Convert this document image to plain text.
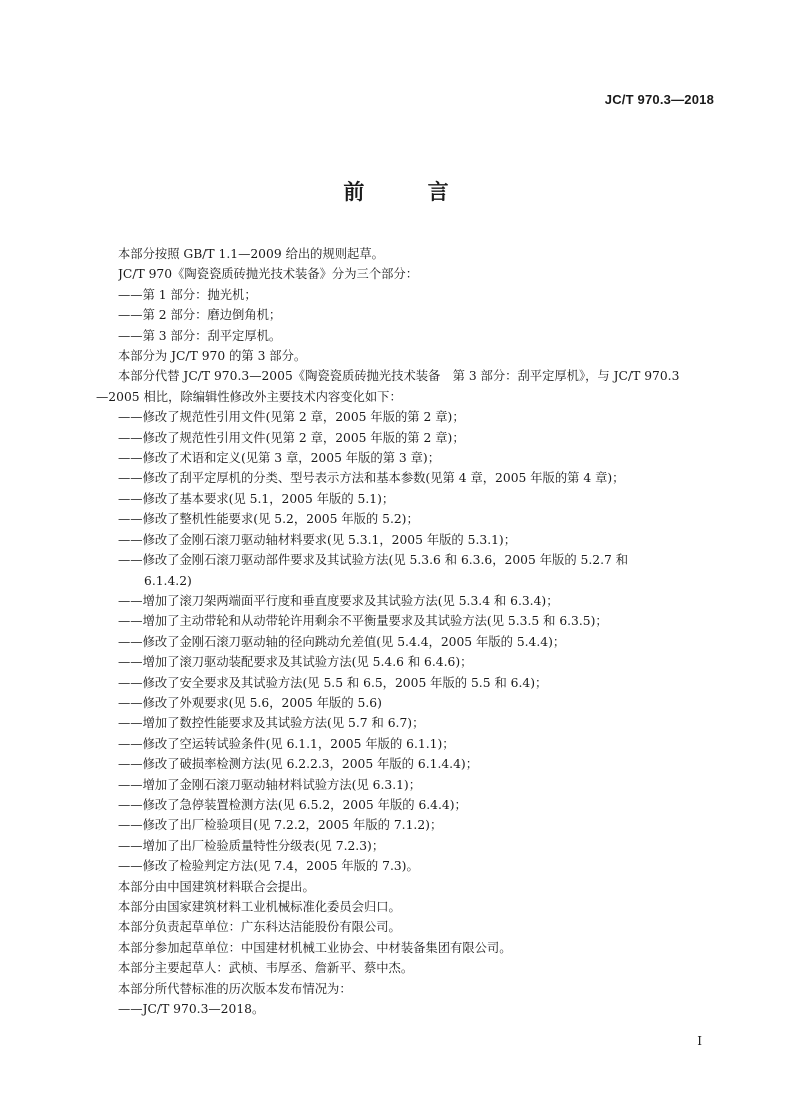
JC/T 970.3—2018
前 言
本部分按照 GB/T 1.1—2009 给出的规则起草。
JC/T 970《陶瓷瓷质砖抛光技术装备》分为三个部分：
——第 1 部分：抛光机；
——第 2 部分：磨边倒角机；
——第 3 部分：刮平定厚机。
本部分为 JC/T 970 的第 3 部分。
本部分代替 JC/T 970.3—2005《陶瓷瓷质砖抛光技术装备　第 3 部分：刮平定厚机》，与 JC/T 970.3
—2005 相比，除编辑性修改外主要技术内容变化如下：
——修改了规范性引用文件(见第 2 章，2005 年版的第 2 章)；
——修改了规范性引用文件(见第 2 章，2005 年版的第 2 章)；
——修改了术语和定义(见第 3 章，2005 年版的第 3 章)；
——修改了刮平定厚机的分类、型号表示方法和基本参数(见第 4 章，2005 年版的第 4 章)；
——修改了基本要求(见 5.1，2005 年版的 5.1)；
——修改了整机性能要求(见 5.2，2005 年版的 5.2)；
——修改了金刚石滚刀驱动轴材料要求(见 5.3.1，2005 年版的 5.3.1)；
——修改了金刚石滚刀驱动部件要求及其试验方法(见 5.3.6 和 6.3.6，2005 年版的 5.2.7 和
6.1.4.2)
——增加了滚刀架两端面平行度和垂直度要求及其试验方法(见 5.3.4 和 6.3.4)；
——增加了主动带轮和从动带轮许用剩余不平衡量要求及其试验方法(见 5.3.5 和 6.3.5)；
——修改了金刚石滚刀驱动轴的径向跳动允差值(见 5.4.4，2005 年版的 5.4.4)；
——增加了滚刀驱动装配要求及其试验方法(见 5.4.6 和 6.4.6)；
——修改了安全要求及其试验方法(见 5.5 和 6.5，2005 年版的 5.5 和 6.4)；
——修改了外观要求(见 5.6，2005 年版的 5.6)
——增加了数控性能要求及其试验方法(见 5.7 和 6.7)；
——修改了空运转试验条件(见 6.1.1，2005 年版的 6.1.1)；
——修改了破损率检测方法(见 6.2.2.3，2005 年版的 6.1.4.4)；
——增加了金刚石滚刀驱动轴材料试验方法(见 6.3.1)；
——修改了急停装置检测方法(见 6.5.2，2005 年版的 6.4.4)；
——修改了出厂检验项目(见 7.2.2，2005 年版的 7.1.2)；
——增加了出厂检验质量特性分级表(见 7.2.3)；
——修改了检验判定方法(见 7.4，2005 年版的 7.3)。
本部分由中国建筑材料联合会提出。
本部分由国家建筑材料工业机械标准化委员会归口。
本部分负责起草单位：广东科达洁能股份有限公司。
本部分参加起草单位：中国建材机械工业协会、中材装备集团有限公司。
本部分主要起草人：武桢、韦厚丞、詹新平、蔡中杰。
本部分所代替标准的历次版本发布情况为：
——JC/T 970.3—2018。
I
